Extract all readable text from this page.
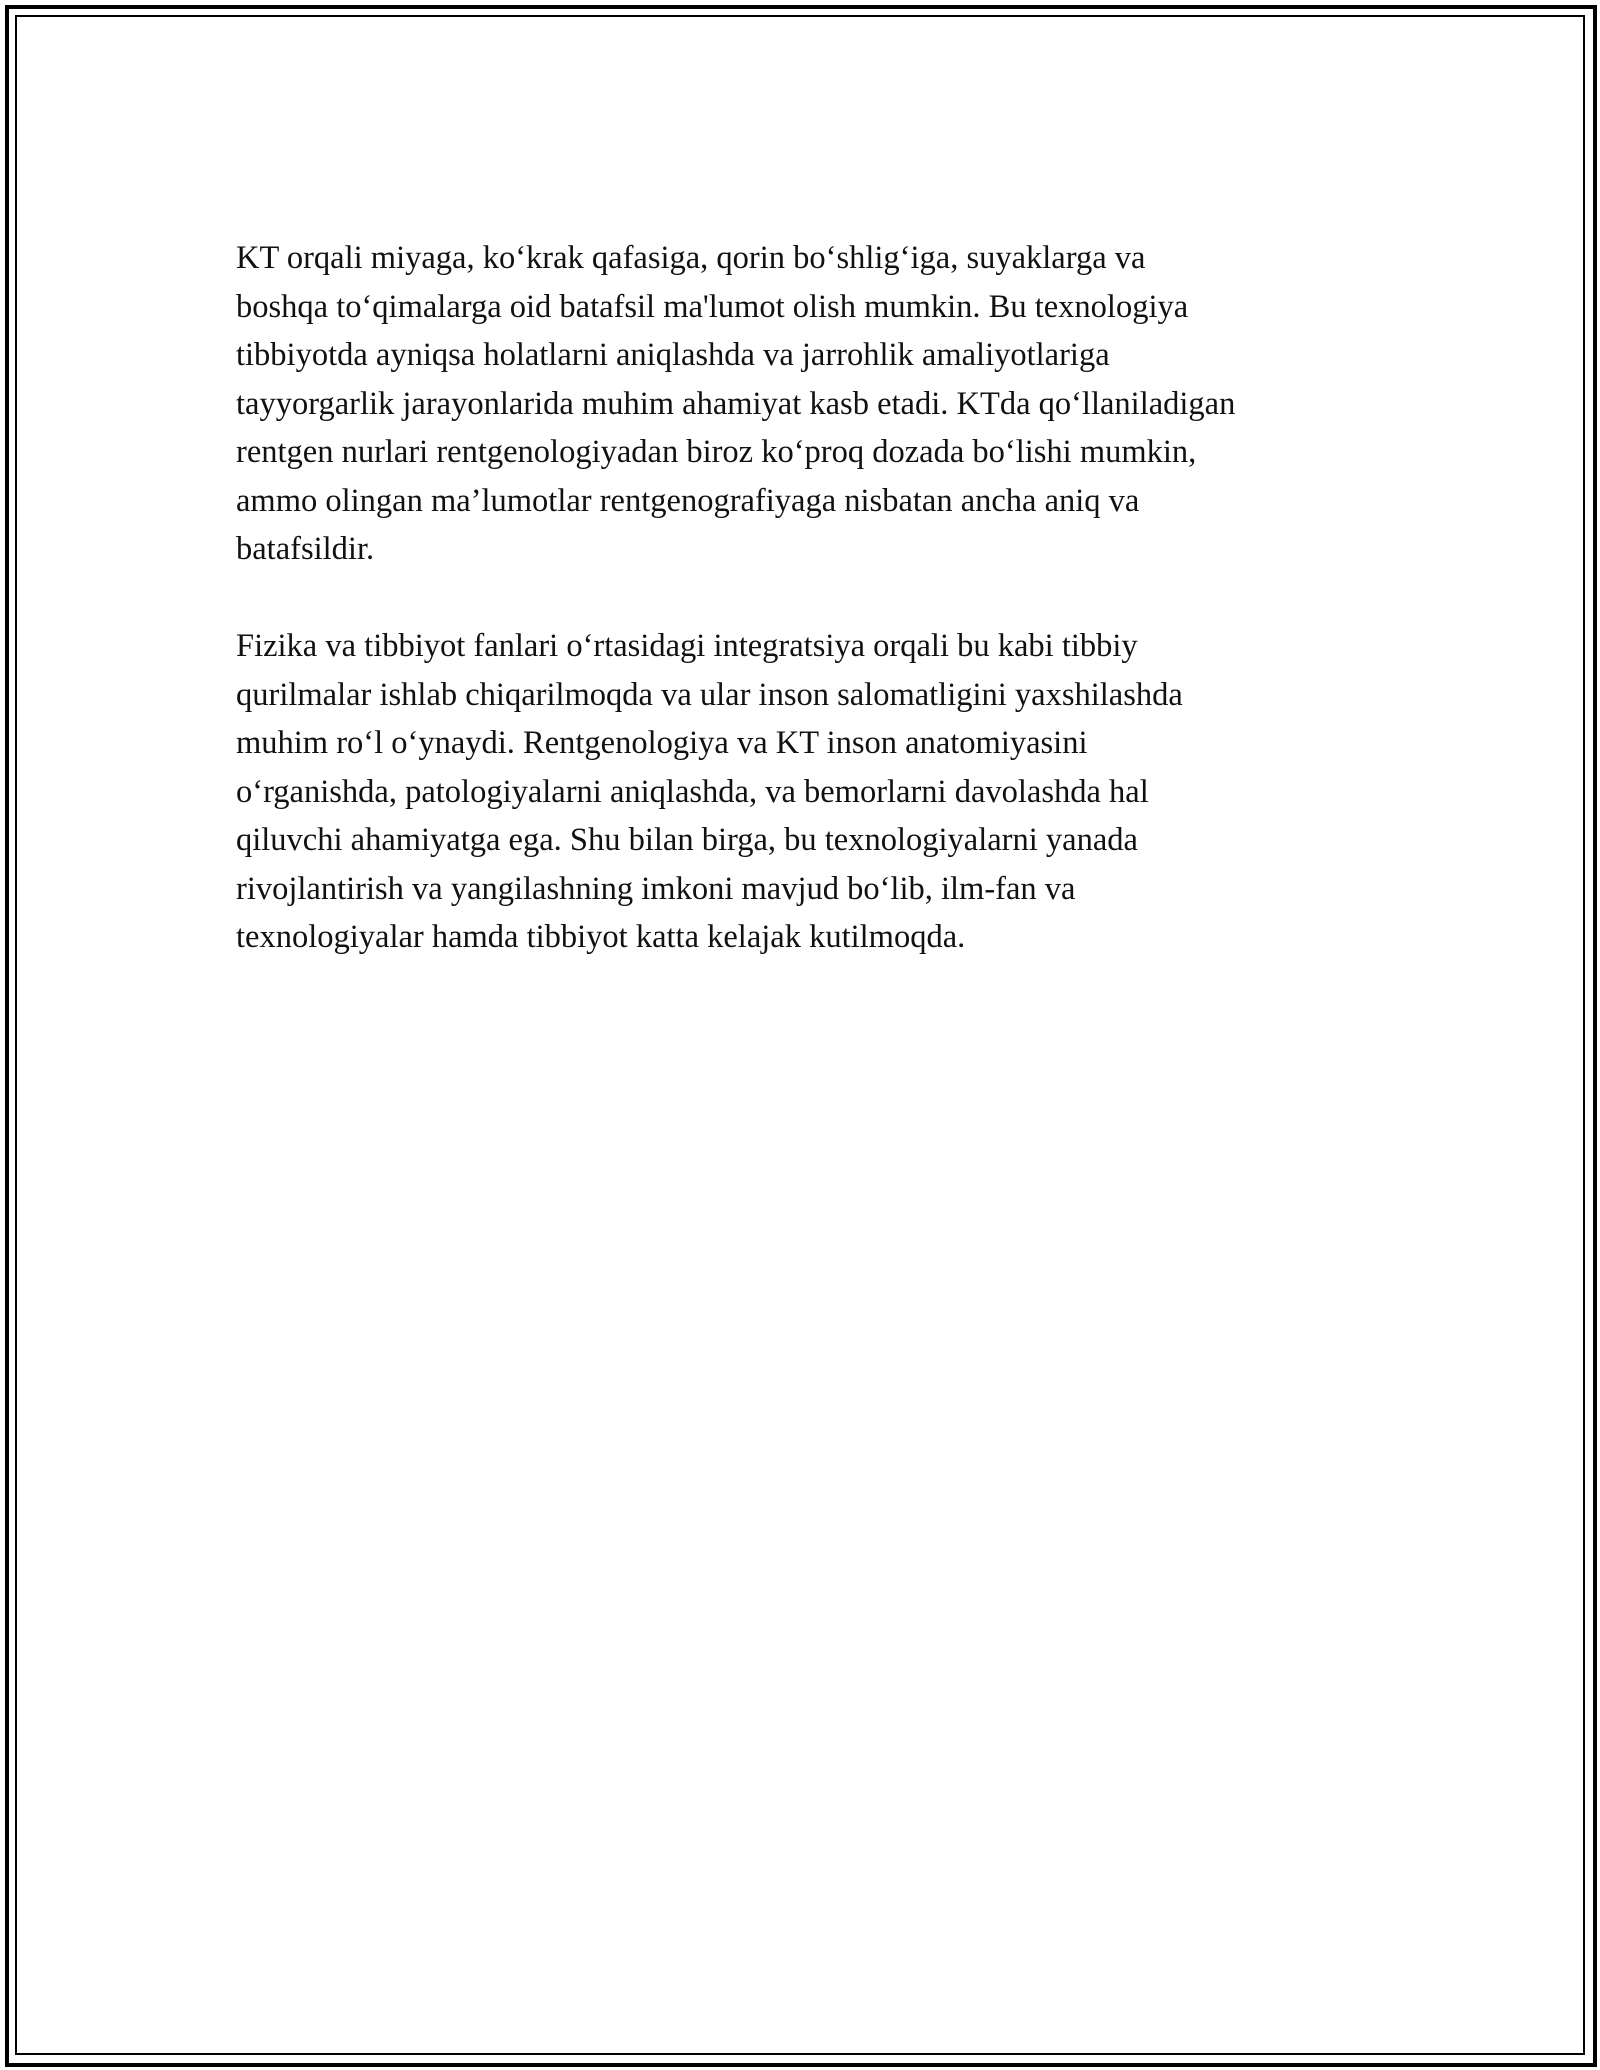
KT orqali miyaga, ko‘krak qafasiga, qorin bo‘shlig‘iga, suyaklarga va
boshqa to‘qimalarga oid batafsil ma'lumot olish mumkin. Bu texnologiya
tibbiyotda ayniqsa holatlarni aniqlashda va jarrohlik amaliyotlariga
tayyorgarlik jarayonlarida muhim ahamiyat kasb etadi. KTda qo‘llaniladigan
rentgen nurlari rentgenologiyadan biroz ko‘proq dozada bo‘lishi mumkin,
ammo olingan ma’lumotlar rentgenografiyaga nisbatan ancha aniq va
batafsildir.

Fizika va tibbiyot fanlari o‘rtasidagi integratsiya orqali bu kabi tibbiy
qurilmalar ishlab chiqarilmoqda va ular inson salomatligini yaxshilashda
muhim ro‘l o‘ynaydi. Rentgenologiya va KT inson anatomiyasini
o‘rganishda, patologiyalarni aniqlashda, va bemorlarni davolashda hal
qiluvchi ahamiyatga ega. Shu bilan birga, bu texnologiyalarni yanada
rivojlantirish va yangilashning imkoni mavjud bo‘lib, ilm-fan va
texnologiyalar hamda tibbiyot katta kelajak kutilmoqda.
